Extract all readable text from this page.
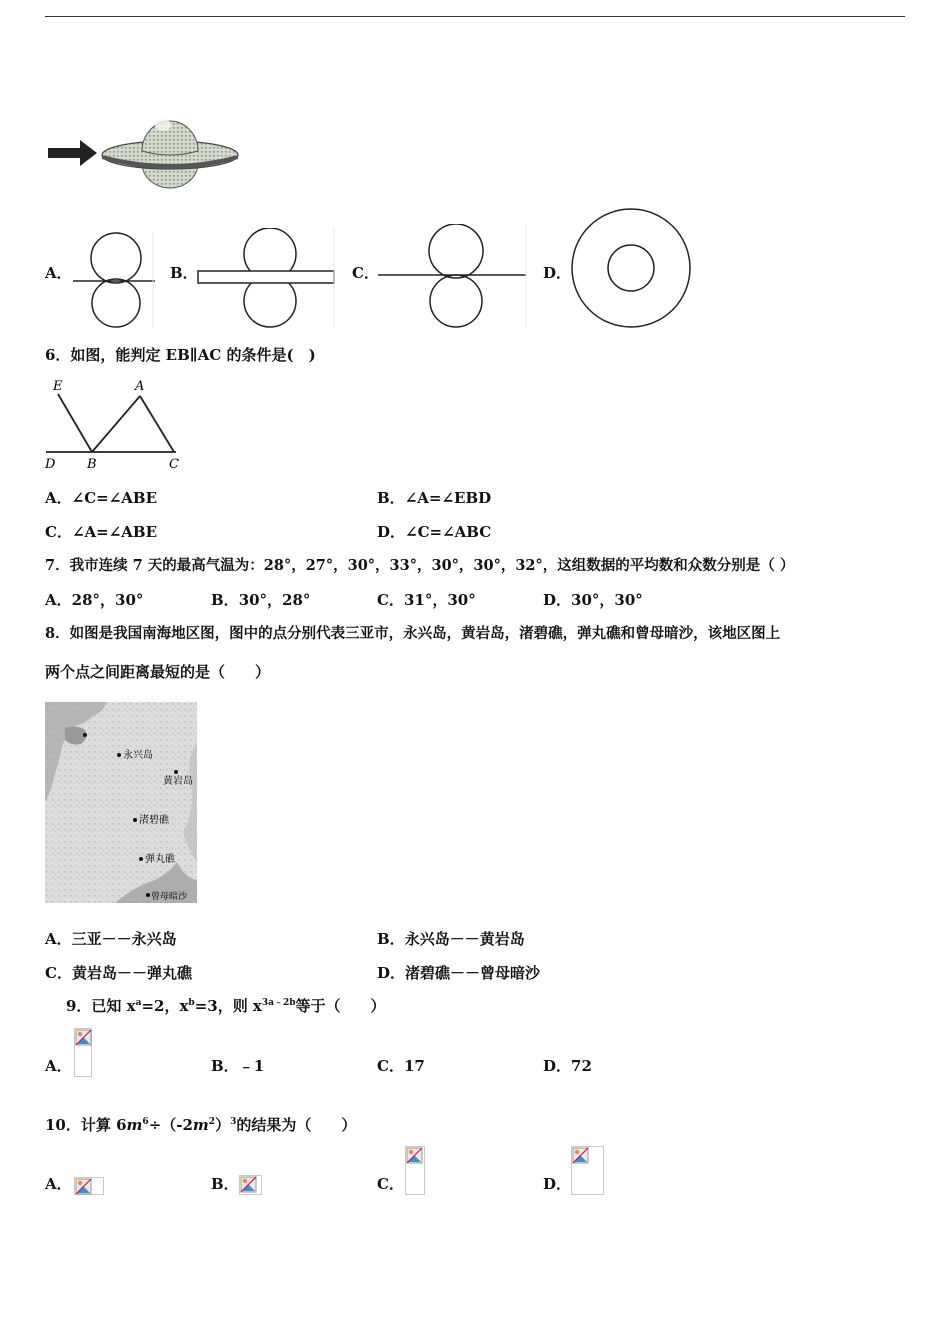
A．	B．	C．	D．
6．如图，能判定 EB∥AC 的条件是(　)
E	A
D B	C
A．∠C=∠ABE	B．∠A=∠EBD
C．∠A=∠ABE	D．∠C=∠ABC
7．我市连续 7 天的最高气温为：28°，27°，30°，33°，30°，30°，32°，这组数据的平均数和众数分别是（ ）
A．28°，30°	B．30°，28°	C．31°，30°	D．30°，30°
8．如图是我国南海地区图，图中的点分别代表三亚市，永兴岛，黄岩岛，渚碧礁，弹丸礁和曾母暗沙，该地区图上
两个点之间距离最短的是（　　）
永兴岛
黄岩岛
渚碧礁
弹丸礁
曾母暗沙
A．三亚－－永兴岛	B．永兴岛－－黄岩岛
C．黄岩岛－－弹丸礁	D．渚碧礁－－曾母暗沙
9．已知 $x^a=2$，$x^b=3$，则 $x^{3a﹣2b}$等于（　　）
A．	B．﹣1	C．17	D．72
10．计算 $6m^6\div(-2m^2)^3$的结果为（　　）
A．	B．	C．	D．
